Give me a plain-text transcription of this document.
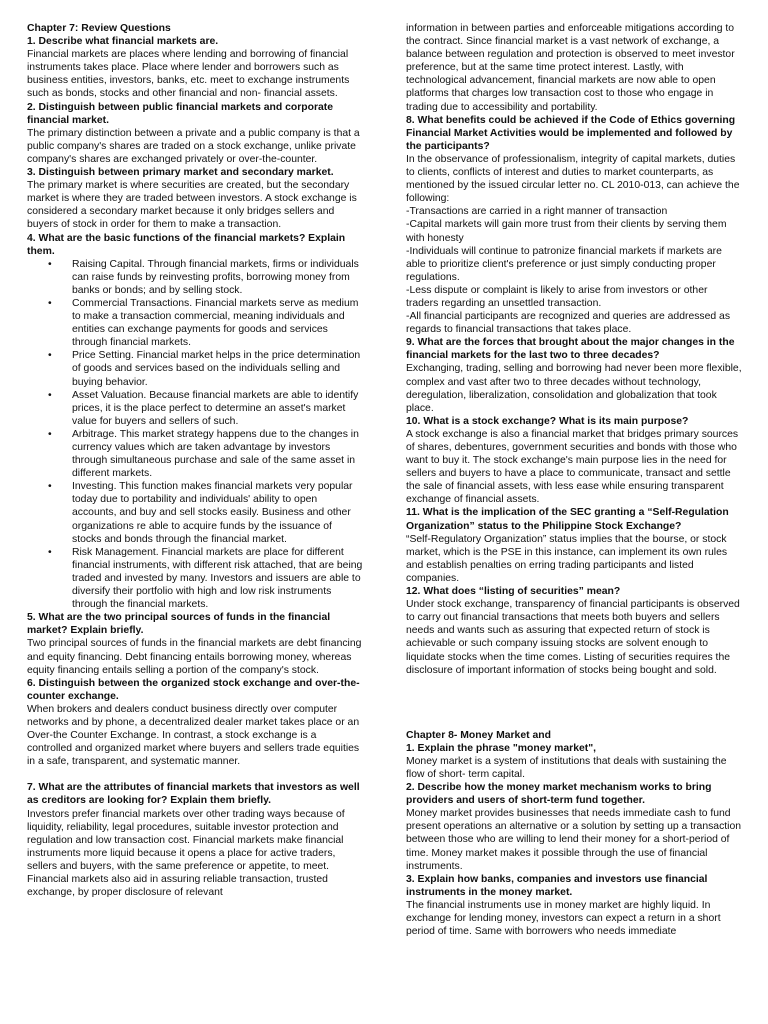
Chapter 7: Review Questions

1. Describe what financial markets are.

Financial markets are places where lending and borrowing of financial instruments takes place. Place where lender and borrowers such as business entities, investors, banks, etc. meet to exchange instruments such as bonds, stocks and other financial and non- financial assets.

2. Distinguish between public financial markets and corporate financial market.

The primary distinction between a private and a public company is that a public company's shares are traded on a stock exchange, unlike private company's shares are exchanged privately or over-the-counter.

3. Distinguish between primary market and secondary market.

The primary market is where securities are created, but the secondary market is where they are traded between investors. A stock exchange is considered a secondary market because it only bridges sellers and buyers of stock in order for them to make a transaction.

4. What are the basic functions of the financial markets? Explain them.

• Raising Capital. Through financial markets, firms or individuals can raise funds by reinvesting profits, borrowing money from banks or bonds; and by selling stock.
• Commercial Transactions. Financial markets serve as medium to make a transaction commercial, meaning individuals and entities can exchange payments for goods and services through financial markets.
• Price Setting. Financial market helps in the price determination of goods and services based on the individuals selling and buying behavior.
• Asset Valuation. Because financial markets are able to identify prices, it is the place perfect to determine an asset's market value for buyers and sellers of such.
• Arbitrage. This market strategy happens due to the changes in currency values which are taken advantage by investors through simultaneous purchase and sale of the same asset in different markets.
• Investing. This function makes financial markets very popular today due to portability and individuals' ability to open accounts, and buy and sell stocks easily. Business and other organizations re able to acquire funds by the issuance of stocks and bonds through the financial market.
• Risk Management. Financial markets are place for different financial instruments, with different risk attached, that are being traded and invested by many. Investors and issuers are able to diversify their portfolio with high and low risk instruments through the financial markets.

5. What are the two principal sources of funds in the financial market? Explain briefly.

Two principal sources of funds in the financial markets are debt financing and equity financing. Debt financing entails borrowing money, whereas equity financing entails selling a portion of the company's stock.

6. Distinguish between the organized stock exchange and over-the-counter exchange.

When brokers and dealers conduct business directly over computer networks and by phone, a decentralized dealer market takes place or an Over-the Counter Exchange. In contrast, a stock exchange is a controlled and organized market where buyers and sellers trade equities in a safe, transparent, and systematic manner.

7. What are the attributes of financial markets that investors as well as creditors are looking for? Explain them briefly.

Investors prefer financial markets over other trading ways because of liquidity, reliability, legal procedures, suitable investor protection and regulation and low transaction cost. Financial markets make financial instruments more liquid because it opens a place for active traders, sellers and buyers, with the same preference or appetite, to meet. Financial markets also aid in assuring reliable transaction, trusted exchange, by proper disclosure of relevant

information in between parties and enforceable mitigations according to the contract. Since financial market is a vast network of exchange, a balance between regulation and protection is observed to meet investor preference, but at the same time protect interest. Lastly, with technological advancement, financial markets are now able to open platforms that charges low transaction cost to those who engage in trading due to accessibility and portability.

8. What benefits could be achieved if the Code of Ethics governing Financial Market Activities would be implemented and followed by the participants?

In the observance of professionalism, integrity of capital markets, duties to clients, conflicts of interest and duties to market counterparts, as mentioned by the issued circular letter no. CL 2010-013, can achieve the following:

-Transactions are carried in a right manner of transaction

-Capital markets will gain more trust from their clients by serving them with honesty

-Individuals will continue to patronize financial markets if markets are able to prioritize client's preference or just simply conducting proper regulations.

-Less dispute or complaint is likely to arise from investors or other traders regarding an unsettled transaction.

-All financial participants are recognized and queries are addressed as regards to financial transactions that takes place.

9. What are the forces that brought about the major changes in the financial markets for the last two to three decades?

Exchanging, trading, selling and borrowing had never been more flexible, complex and vast after two to three decades without technology, deregulation, liberalization, consolidation and globalization that took place.

10. What is a stock exchange? What is its main purpose?

A stock exchange is also a financial market that bridges primary sources of shares, debentures, government securities and bonds with those who want to buy it. The stock exchange's main purpose lies in the need for sellers and buyers to have a place to communicate, transact and settle the sale of financial assets, with less ease while ensuring transparent exchange of financial assets.

11. What is the implication of the SEC granting a “Self-Regulation Organization” status to the Philippine Stock Exchange?

“Self-Regulatory Organization” status implies that the bourse, or stock market, which is the PSE in this instance, can implement its own rules and establish penalties on erring trading participants and listed companies.

12. What does “listing of securities” mean?

Under stock exchange, transparency of financial participants is observed to carry out financial transactions that meets both buyers and sellers needs and wants such as assuring that expected return of stock is achievable or such company issuing stocks are solvent enough to liquidate stocks when the time comes. Listing of securities requires the disclosure of important information of stocks being bought and sold.

Chapter 8- Money Market and

1. Explain the phrase "money market",

Money market is a system of institutions that deals with sustaining the flow of short- term capital.

2. Describe how the money market mechanism works to bring providers and users of short-term fund together.

Money market provides businesses that needs immediate cash to fund present operations an alternative or a solution by setting up a transaction between those who are willing to lend their money for a short-period of time. Money market makes it possible through the use of financial instruments.

3. Explain how banks, companies and investors use financial instruments in the money market.

The financial instruments use in money market are highly liquid. In exchange for lending money, investors can expect a return in a short period of time. Same with borrowers who needs immediate
